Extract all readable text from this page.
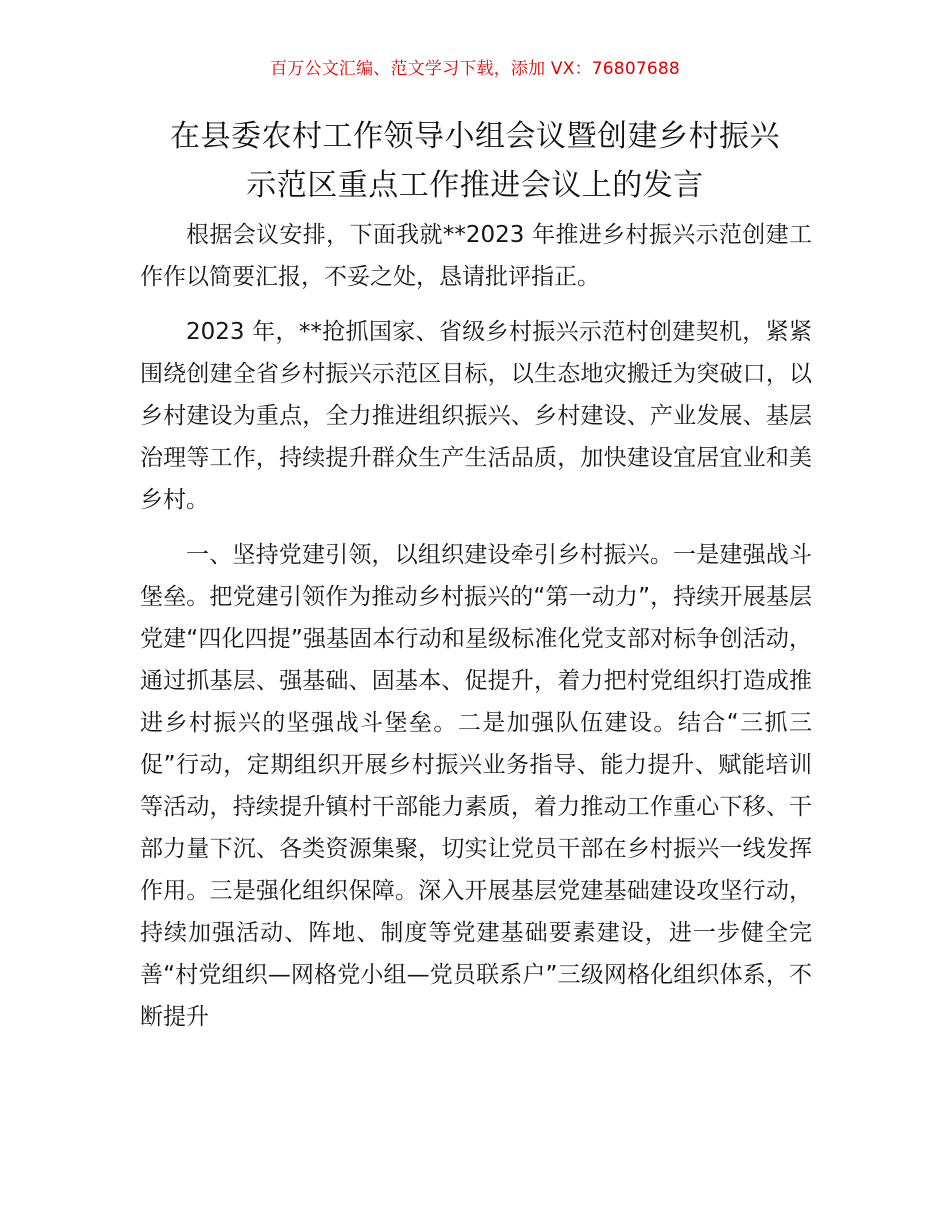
百万公文汇编、范文学习下载，添加 VX：76807688
在县委农村工作领导小组会议暨创建乡村振兴
示范区重点工作推进会议上的发言

根据会议安排，下面我就**2023 年推进乡村振兴示范创建工作作以简要汇报，不妥之处，恳请批评指正。

2023 年，**抢抓国家、省级乡村振兴示范村创建契机，紧紧围绕创建全省乡村振兴示范区目标，以生态地灾搬迁为突破口，以乡村建设为重点，全力推进组织振兴、乡村建设、产业发展、基层治理等工作，持续提升群众生产生活品质，加快建设宜居宜业和美乡村。

一、坚持党建引领，以组织建设牵引乡村振兴。一是建强战斗堡垒。把党建引领作为推动乡村振兴的“第一动力”，持续开展基层党建“四化四提”强基固本行动和星级标准化党支部对标争创活动，通过抓基层、强基础、固基本、促提升，着力把村党组织打造成推进乡村振兴的坚强战斗堡垒。二是加强队伍建设。结合“三抓三促”行动，定期组织开展乡村振兴业务指导、能力提升、赋能培训等活动，持续提升镇村干部能力素质，着力推动工作重心下移、干部力量下沉、各类资源集聚，切实让党员干部在乡村振兴一线发挥作用。三是强化组织保障。深入开展基层党建基础建设攻坚行动，持续加强活动、阵地、制度等党建基础要素建设，进一步健全完善“村党组织—网格党小组—党员联系户”三级网格化组织体系，不断提升
